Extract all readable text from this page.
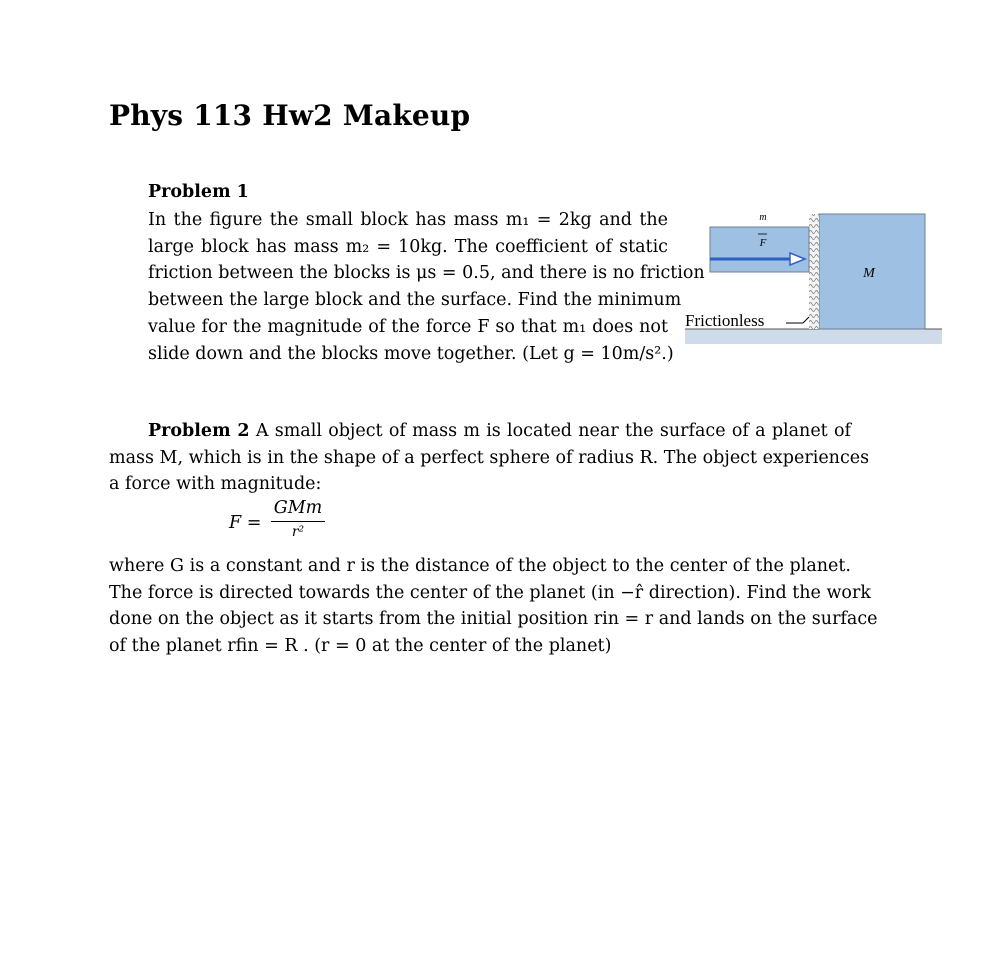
Phys 113 Hw2 Makeup
Problem 1
In the figure the small block has mass m₁ = 2kg and the
large block has mass m₂ = 10kg. The coefficient of static
friction between the blocks is μs = 0.5, and there is no friction
between the large block and the surface. Find the minimum
value for the magnitude of the force F so that m₁ does not
slide down and the blocks move together. (Let g = 10m/s².)
m
F
M
Frictionless
Problem 2 A small object of mass m is located near the surface of a planet of
mass M, which is in the shape of a perfect sphere of radius R. The object experiences
a force with magnitude:
F =
GMm
r²
where G is a constant and r is the distance of the object to the center of the planet.
The force is directed towards the center of the planet (in −r̂ direction). Find the work
done on the object as it starts from the initial position rin = r and lands on the surface
of the planet rfin = R . (r = 0 at the center of the planet)
